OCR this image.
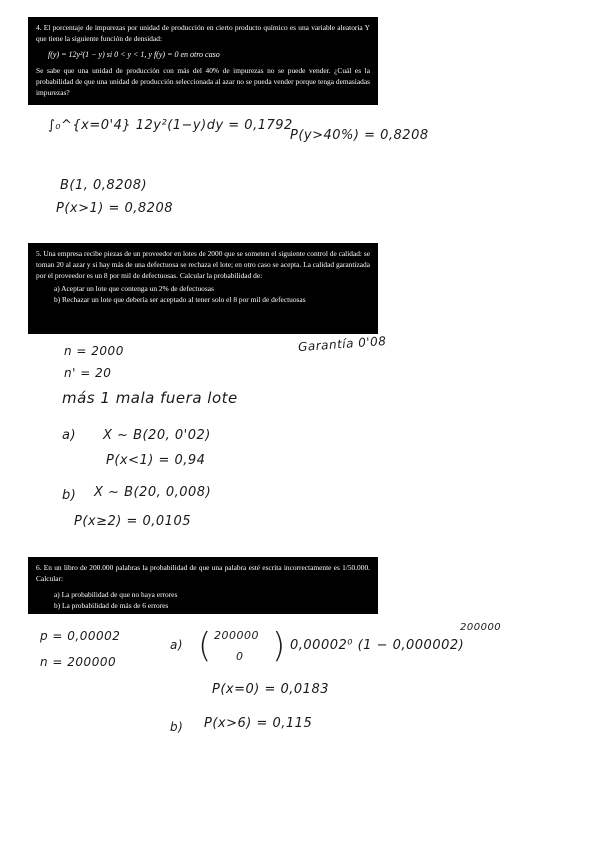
4. El porcentaje de impurezas por unidad de producción en cierto producto químico es una variable aleatoria Y que tiene la siguiente función de densidad:

f(y) = 12y²(1 − y) si 0 < y < 1, y f(y) = 0 en otro caso

Se sabe que una unidad de producción con más del 40% de impurezas no se puede vender. ¿Cuál es la probabilidad de que una unidad de producción seleccionada al azar no se pueda vender porque tenga demasiadas impurezas?

∫₀^{x=0'4} 12y²(1−y)dy = 0,1792
P(y>40%) = 0,8208
B(1, 0,8208)
P(x>1) = 0,8208

5. Una empresa recibe piezas de un proveedor en lotes de 2000 que se someten el siguiente control de calidad: se toman 20 al azar y si hay más de una defectuosa se rechaza el lote; en otro caso se acepta. La calidad garantizada por el proveedor es un 8 por mil de defectuosas. Calcular la probabilidad de:

a) Aceptar un lote que contenga un 2% de defectuosas
b) Rechazar un lote que debería ser aceptado al tener solo el 8 por mil de defectuosas
Garantía 0'08
n = 2000
n' = 20
más 1 mala fuera lote
a) X ~ B(20, 0'02)
P(x<1) = 0,94
b) X ~ B(20, 0,008)
P(x≥2) = 0,0105

6. En un libro de 200.000 palabras la probabilidad de que una palabra esté escrita incorrectamente es 1/50.000. Calcular:

a) La probabilidad de que no haya errores
b) La probabilidad de más de 6 errores
p = 0,00002
n = 200000
a) ( 200000
0 ) 0,00002⁰ (1 − 0,000002)
200000
P(x=0) = 0,0183
b) P(x>6) = 0,115
